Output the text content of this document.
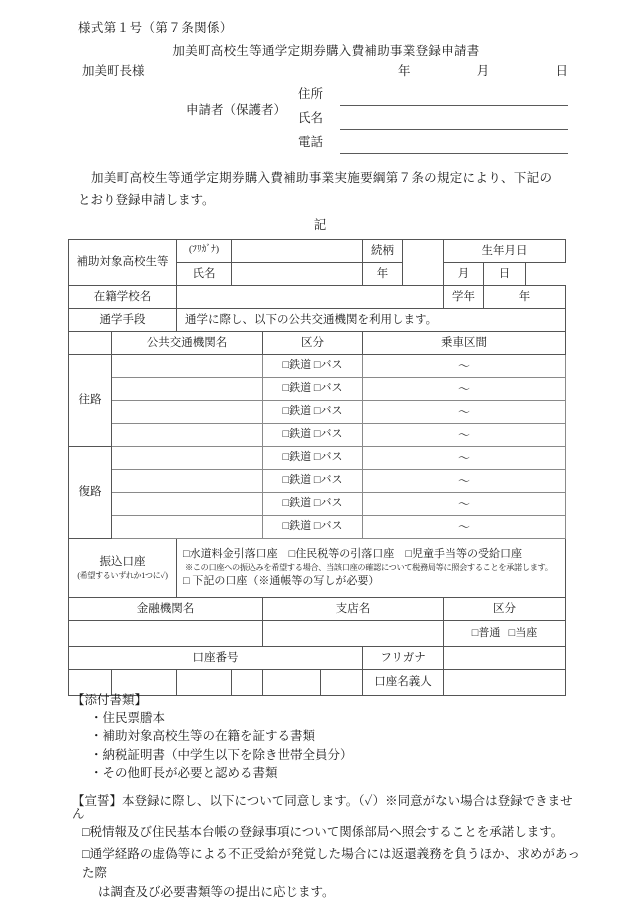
様式第１号（第７条関係）
加美町高校生等通学定期券購入費補助事業登録申請書
加美町長様	年	月	日
申請者（保護者）
住所
氏名
電話
加美町高校生等通学定期券購入費補助事業実施要綱第７条の規定により、下記のとおり登録申請します。
記
補助対象高校生等		(ﾌﾘｶﾞﾅ)				続柄		生年月日	
		氏名				年		月	日
在籍学校名								学年	年
通学手段		通学に際し、以下の公共交通機関を利用します。							
	公共交通機関名			区分		乗車区間			
往路				□鉄道 □バス		〜			
				□鉄道 □バス		〜			
				□鉄道 □バス		〜			
				□鉄道 □バス		〜			
復路				□鉄道 □バス		〜			
				□鉄道 □バス		〜			
				□鉄道 □バス		〜			
				□鉄道 □バス		〜			
振込口座
(希望するいずれか1つに✓)

□水道料金引落口座 □住民税等の引落口座 □児童手当等の受給口座
※この口座への振込みを希望する場合、当該口座の確認について税務局等に照会することを承諾します。
□ 下記の口座（※通帳等の写しが必要）

金融機関名				支店名				区分	
								□普通   □当座	
口座番号						フリガナ			
						口座名義人			
【添付書類】
・住民票謄本
・補助対象高校生等の在籍を証する書類
・納税証明書（中学生以下を除き世帯全員分）
・その他町長が必要と認める書類
【宣誓】本登録に際し、以下について同意します。（✓）※同意がない場合は登録できません
□税情報及び住民基本台帳の登録事項について関係部局へ照会することを承諾します。
□通学経路の虚偽等による不正受給が発覚した場合には返還義務を負うほか、求めがあった際
は調査及び必要書類等の提出に応じます。
